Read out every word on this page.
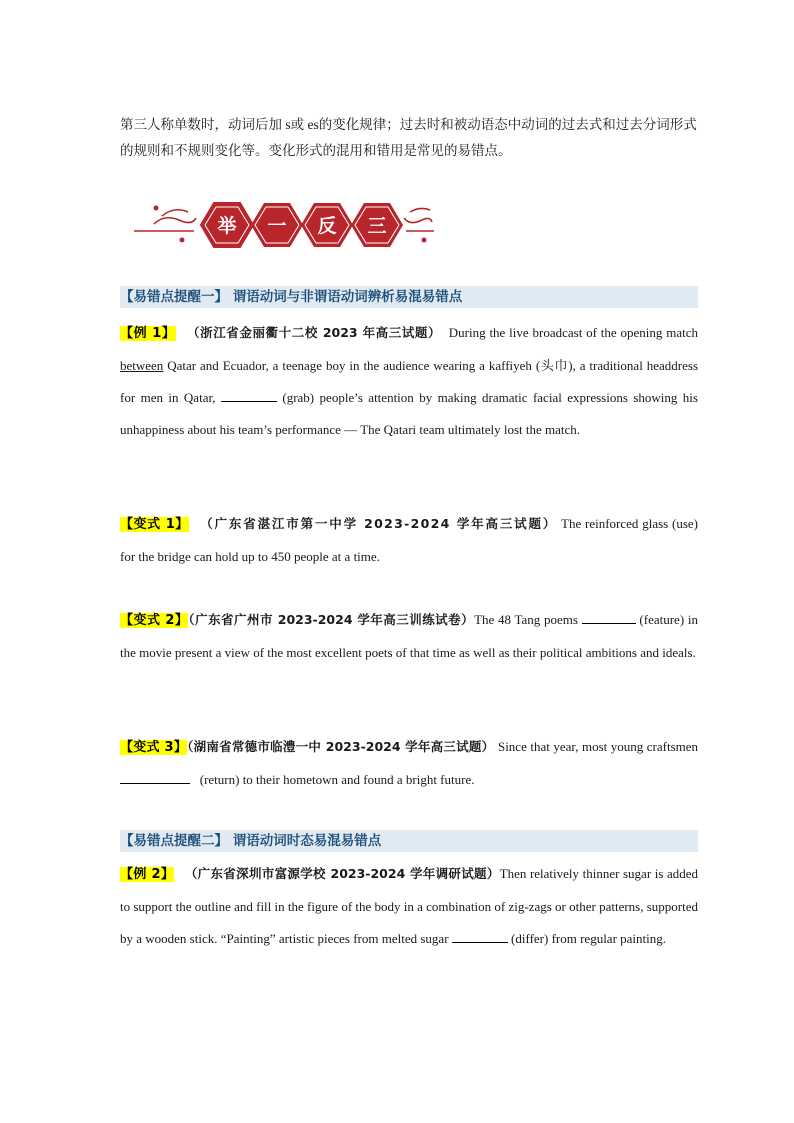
第三人称单数时，动词后加 s或 es的变化规律；过去时和被动语态中动词的过去式和过去分词形式的规则和不规则变化等。变化形式的混用和错用是常见的易错点。
举 一 反 三
【易错点提醒一】 谓语动词与非谓语动词辨析易混易错点
【例 1】 （浙江省金丽衢十二校 2023 年高三试题） During the live broadcast of the opening match between Qatar and Ecuador, a teenage boy in the audience wearing a kaffiyeh (头巾), a traditional headdress for men in Qatar,	(grab) people’s attention by making dramatic facial expressions showing his unhappiness about his team’s performance — The Qatari team ultimately lost the match.
【变式 1】 （广东省湛江市第一中学 2023-2024 学年高三试题） The reinforced glass (use) for the bridge can hold up to 450 people at a time.
【变式 2】（广东省广州市 2023-2024 学年高三训练试卷）The 48 Tang poems	(feature) in the movie present a view of the most excellent poets of that time as well as their political ambitions and ideals.
【变式 3】（湖南省常德市临澧一中 2023-2024 学年高三试题） Since that year, most young craftsmen   (return) to their hometown and found a bright future.
【易错点提醒二】 谓语动词时态易混易错点
【例 2】 （广东省深圳市富源学校 2023-2024 学年调研试题）Then relatively thinner sugar is added to support the outline and fill in the figure of the body in a combination of zig-zags or other patterns, supported by a wooden stick. “Painting” artistic pieces from melted sugar	(differ) from regular painting.
